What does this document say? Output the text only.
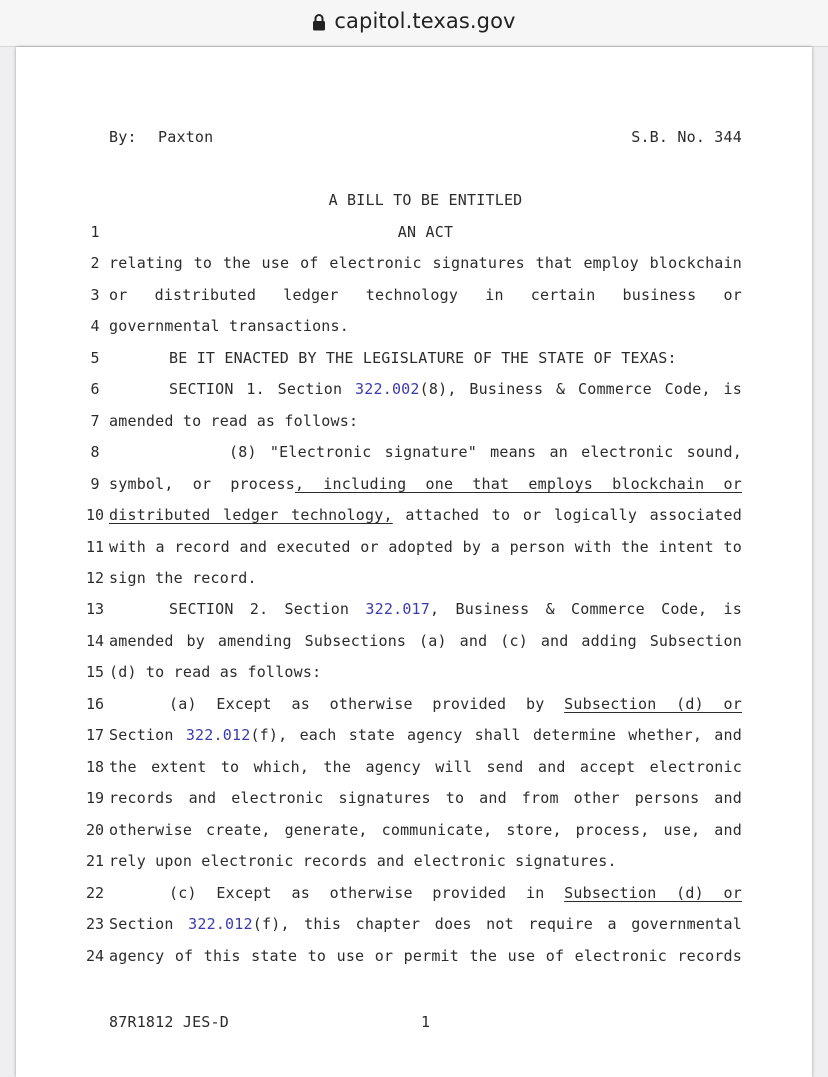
capitol.texas.gov
By: Paxton	S.B. No. 344
A BILL TO BE ENTITLED
1	AN ACT
2 relating to the use of electronic signatures that employ blockchain
3 or distributed ledger technology in certain business or
4 governmental transactions.
5	BE IT ENACTED BY THE LEGISLATURE OF THE STATE OF TEXAS:
6	SECTION 1. Section 322.002(8), Business & Commerce Code, is
7 amended to read as follows:
8	(8) "Electronic signature" means an electronic sound,
9 symbol, or process, including one that employs blockchain or
10 distributed ledger technology, attached to or logically associated
11 with a record and executed or adopted by a person with the intent to
12 sign the record.
13	SECTION 2. Section 322.017, Business & Commerce Code, is
14 amended by amending Subsections (a) and (c) and adding Subsection
15 (d) to read as follows:
16	(a) Except as otherwise provided by Subsection (d) or
17 Section 322.012(f), each state agency shall determine whether, and
18 the extent to which, the agency will send and accept electronic
19 records and electronic signatures to and from other persons and
20 otherwise create, generate, communicate, store, process, use, and
21 rely upon electronic records and electronic signatures.
22	(c) Except as otherwise provided in Subsection (d) or
23 Section 322.012(f), this chapter does not require a governmental
24 agency of this state to use or permit the use of electronic records
87R1812 JES-D	1
